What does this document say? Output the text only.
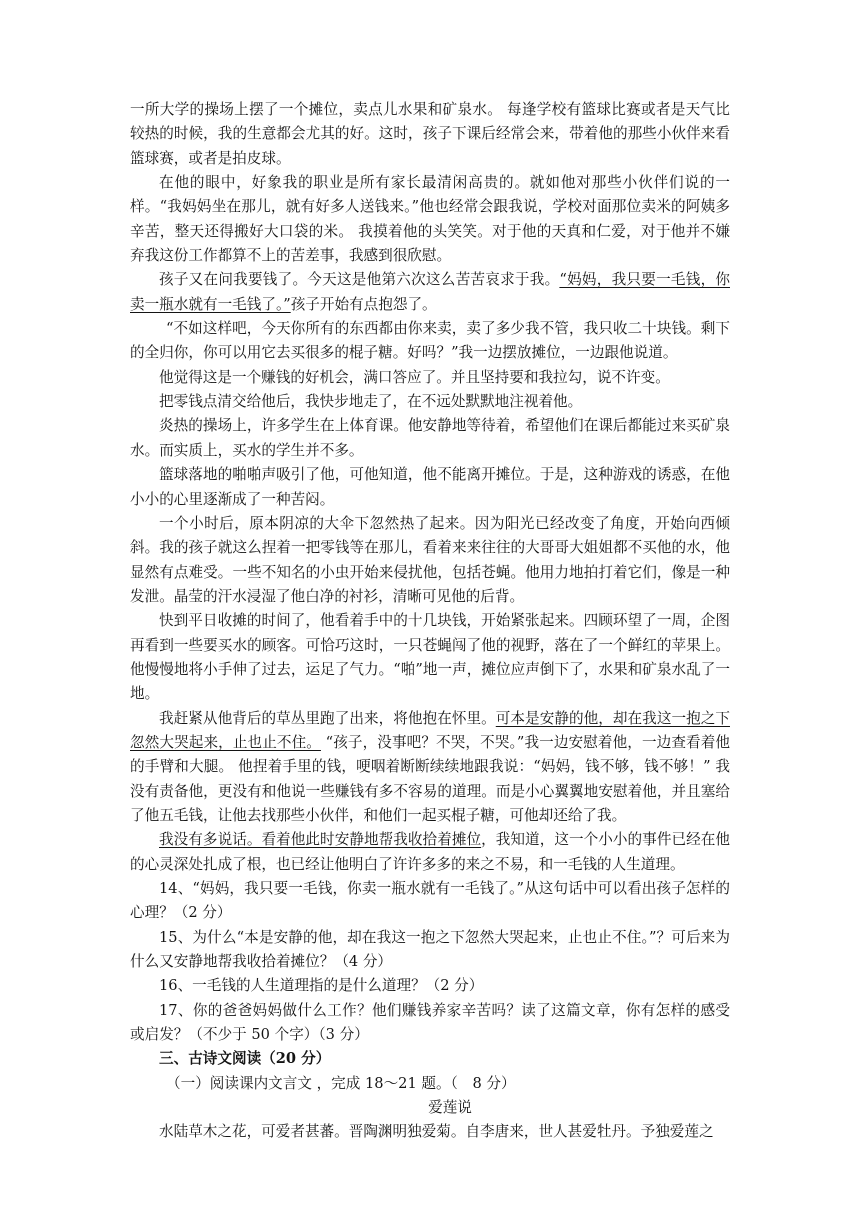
一所大学的操场上摆了一个摊位，卖点儿水果和矿泉水。 每逢学校有篮球比赛或者是天气比较热的时候，我的生意都会尤其的好。这时，孩子下课后经常会来，带着他的那些小伙伴来看篮球赛，或者是拍皮球。

在他的眼中，好象我的职业是所有家长最清闲高贵的。就如他对那些小伙伴们说的一样。“我妈妈坐在那儿，就有好多人送钱来。”他也经常会跟我说，学校对面那位卖米的阿姨多辛苦，整天还得搬好大口袋的米。 我摸着他的头笑笑。对于他的天真和仁爱，对于他并不嫌弃我这份工作都算不上的苦差事，我感到很欣慰。

孩子又在问我要钱了。今天这是他第六次这么苦苦哀求于我。“妈妈，我只要一毛钱，你卖一瓶水就有一毛钱了。”孩子开始有点抱怨了。

“不如这样吧，今天你所有的东西都由你来卖，卖了多少我不管，我只收二十块钱。剩下的全归你，你可以用它去买很多的棍子糖。好吗？”我一边摆放摊位，一边跟他说道。

他觉得这是一个赚钱的好机会，满口答应了。并且坚持要和我拉勾，说不许变。

把零钱点清交给他后，我快步地走了，在不远处默默地注视着他。

炎热的操场上，许多学生在上体育课。他安静地等待着，希望他们在课后都能过来买矿泉水。而实质上，买水的学生并不多。

篮球落地的啪啪声吸引了他，可他知道，他不能离开摊位。于是，这种游戏的诱惑，在他小小的心里逐渐成了一种苦闷。

一个小时后，原本阴凉的大伞下忽然热了起来。因为阳光已经改变了角度，开始向西倾斜。我的孩子就这么捏着一把零钱等在那儿，看着来来往往的大哥哥大姐姐都不买他的水，他显然有点难受。一些不知名的小虫开始来侵扰他，包括苍蝇。他用力地拍打着它们，像是一种发泄。晶莹的汗水浸湿了他白净的衬衫，清晰可见他的后背。

快到平日收摊的时间了，他看着手中的十几块钱，开始紧张起来。四顾环望了一周，企图再看到一些要买水的顾客。可恰巧这时，一只苍蝇闯了他的视野，落在了一个鲜红的苹果上。 他慢慢地将小手伸了过去，运足了气力。“啪”地一声，摊位应声倒下了，水果和矿泉水乱了一地。

我赶紧从他背后的草丛里跑了出来，将他抱在怀里。可本是安静的他，却在我这一抱之下忽然大哭起来，止也止不住。 “孩子，没事吧？不哭，不哭。”我一边安慰着他，一边查看着他的手臂和大腿。 他捏着手里的钱，哽咽着断断续续地跟我说：“妈妈，钱不够，钱不够！” 我没有责备他，更没有和他说一些赚钱有多不容易的道理。而是小心翼翼地安慰着他，并且塞给了他五毛钱，让他去找那些小伙伴，和他们一起买棍子糖，可他却还给了我。

我没有多说话。看着他此时安静地帮我收拾着摊位，我知道，这一个小小的事件已经在他的心灵深处扎成了根，也已经让他明白了许许多多的来之不易，和一毛钱的人生道理。

14、“妈妈，我只要一毛钱，你卖一瓶水就有一毛钱了。”从这句话中可以看出孩子怎样的心理？（2 分）

15、为什么“本是安静的他，却在我这一抱之下忽然大哭起来，止也止不住。”？可后来为什么又安静地帮我收拾着摊位？（4 分）

16、一毛钱的人生道理指的是什么道理？（2 分）

17、你的爸爸妈妈做什么工作？他们赚钱养家辛苦吗？读了这篇文章，你有怎样的感受或启发？（不少于 50 个字）（3 分）

三、古诗文阅读（20 分）

（一）阅读课内文言文 ，完成 18～21 题。（　8 分）

爱莲说

水陆草木之花，可爱者甚蕃。晋陶渊明独爱菊。自李唐来，世人甚爱牡丹。予独爱莲之
